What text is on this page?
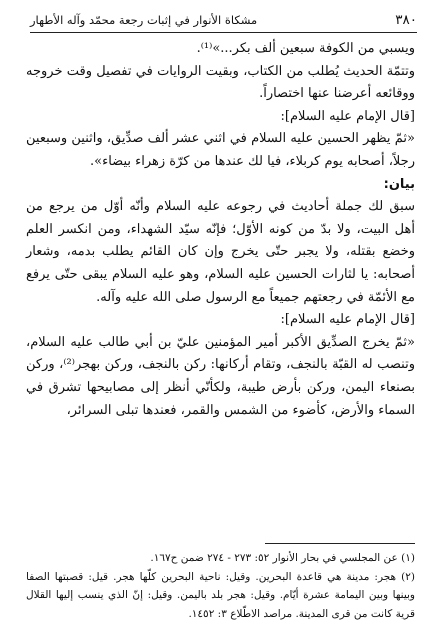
٣٨٠
مشكاة الأنوار في إثبات رجعة محمّد وآله الأطهار

ويسبي من الكوفة سبعين ألف بكر...»⁽¹⁾.

وتتمّة الحديث يُطلب من الكتاب، وبقيت الروايات في تفصيل وقت خروجه ووقائعه أعرضنا عنها اختصاراً.

[قال الإمام عليه السلام]:

«ثمّ يظهر الحسين عليه السلام في اثني عشر ألف صدِّيق، واثنين وسبعين رجلاً، أصحابه يوم كربلاء، فيا لك عندها من كرّة زهراء بيضاء».

بيان:

سبق لك جملة أحاديث في رجوعه عليه السلام وأنّه أوّل من يرجع من أهل البيت، ولا بدّ من كونه الأوّل؛ فإنّه سيّد الشهداء، ومن انكسر العلم وخضع بقتله، ولا يجبر حتّى يخرج وإن كان القائم يطلب بدمه، وشعار أصحابه: يا لثارات الحسين عليه السلام، وهو عليه السلام يبقى حتّى يرفع مع الأئمّة في رجعتهم جميعاً مع الرسول صلى الله عليه وآله.

[قال الإمام عليه السلام]:

«ثمّ يخرج الصدِّيق الأكبر أمير المؤمنين عليّ بن أبي طالب عليه السلام، وتنصب له القبّة بالنجف، وتقام أركانها: ركن بالنجف، وركن بهجر⁽²⁾، وركن بصنعاء اليمن، وركن بأرض طيبة، ولكأنّي أنظر إلى مصابيحها تشرق في السماء والأرض، كأضوء من الشمس والقمر، فعندها تبلى السرائر،

(١) عن المجلسي في بحار الأنوار ٥٢: ٢٧٣ - ٢٧٤ ضمن ح١٦٧.

(٢) هجر: مدينة هي قاعدة البحرين. وقيل: ناحية البحرين كلّها هجر. قيل: قصبتها الصفا وبينها وبين اليمامة عشرة أيّام. وقيل: هجر بلد باليمن. وقيل: إنّ الذي ينسب إليها القلال قرية كانت من قرى المدينة. مراصد الاطّلاع ٣: ١٤٥٢.
